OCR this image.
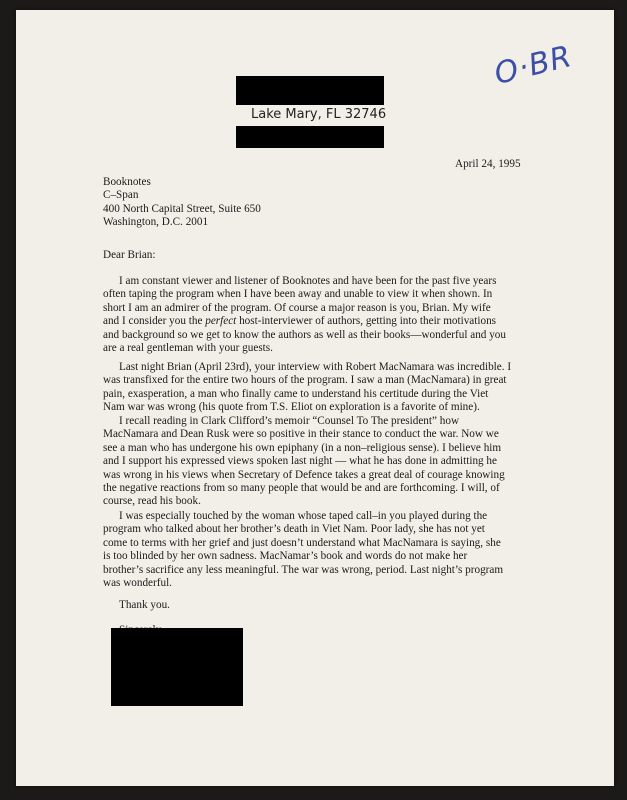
O·BR
Lake Mary, FL 32746
April 24, 1995
Booknotes
C–Span
400 North Capital Street, Suite 650
Washington, D.C. 2001
Dear Brian:
I am constant viewer and listener of Booknotes and have been for the past five years
often taping the program when I have been away and unable to view it when shown. In
short I am an admirer of the program. Of course a major reason is you, Brian. My wife
and I consider you the perfect host-interviewer of authors, getting into their motivations
and background so we get to know the authors as well as their books—wonderful and you
are a real gentleman with your guests.
Last night Brian (April 23rd), your interview with Robert MacNamara was incredible. I
was transfixed for the entire two hours of the program. I saw a man (MacNamara) in great
pain, exasperation, a man who finally came to understand his certitude during the Viet
Nam war was wrong (his quote from T.S. Eliot on exploration is a favorite of mine).
I recall reading in Clark Clifford’s memoir “Counsel To The president” how
MacNamara and Dean Rusk were so positive in their stance to conduct the war. Now we
see a man who has undergone his own epiphany (in a non–religious sense). I believe him
and I support his expressed views spoken last night — what he has done in admitting he
was wrong in his views when Secretary of Defence takes a great deal of courage knowing
the negative reactions from so many people that would be and are forthcoming. I will, of
course, read his book.
I was especially touched by the woman whose taped call–in you played during the
program who talked about her brother’s death in Viet Nam. Poor lady, she has not yet
come to terms with her grief and just doesn’t understand what MacNamara is saying, she
is too blinded by her own sadness. MacNamar’s book and words do not make her
brother’s sacrifice any less meaningful. The war was wrong, period. Last night’s program
was wonderful.
Thank you.
